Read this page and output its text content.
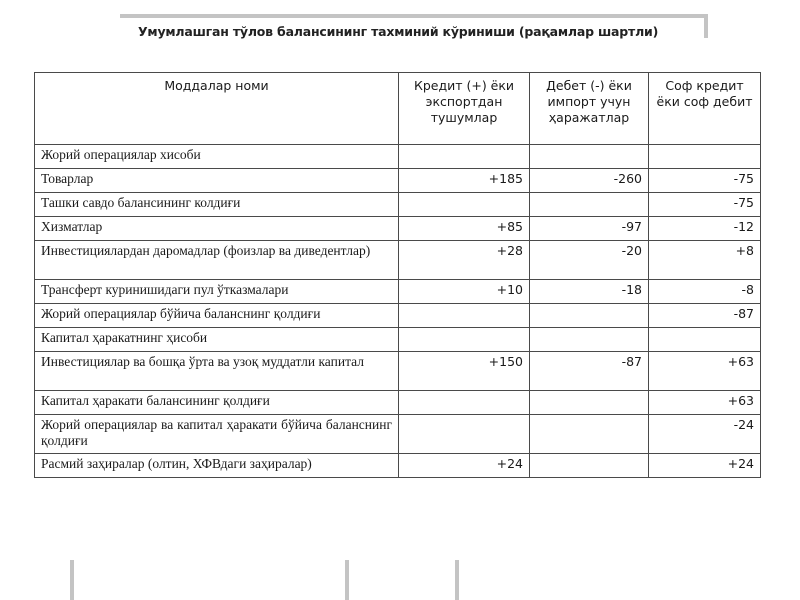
Умумлашган тўлов балансининг тахминий кўриниши (рақамлар шартли)
Моддалар номи	Кредит (+) ёки экспортдан тушумлар	Дебет (-) ёки импорт учун ҳаражатлар	Соф кредит ёки соф дебит
Жорий операциялар хисоби			
Товарлар	+185	-260	-75
Ташки савдо балансининг колдиғи			-75
Хизматлар	+85	-97	-12
Инвестициялардан даромадлар (фоизлар ва диведентлар)	+28	-20	+8
Трансферт куринишидаги пул ўтказмалари	+10	-18	-8
Жорий операциялар бўйича баланснинг қолдиғи			-87
Капитал ҳаракатнинг ҳисоби			
Инвестициялар ва бошқа ўрта ва узоқ муддатли капитал	+150	-87	+63
Капитал ҳаракати балансининг қолдиғи			+63
Жорий операциялар ва капитал ҳаракати бўйича баланснинг қолдиғи			-24
Расмий заҳиралар (олтин, ХФВдаги заҳиралар)	+24		+24
